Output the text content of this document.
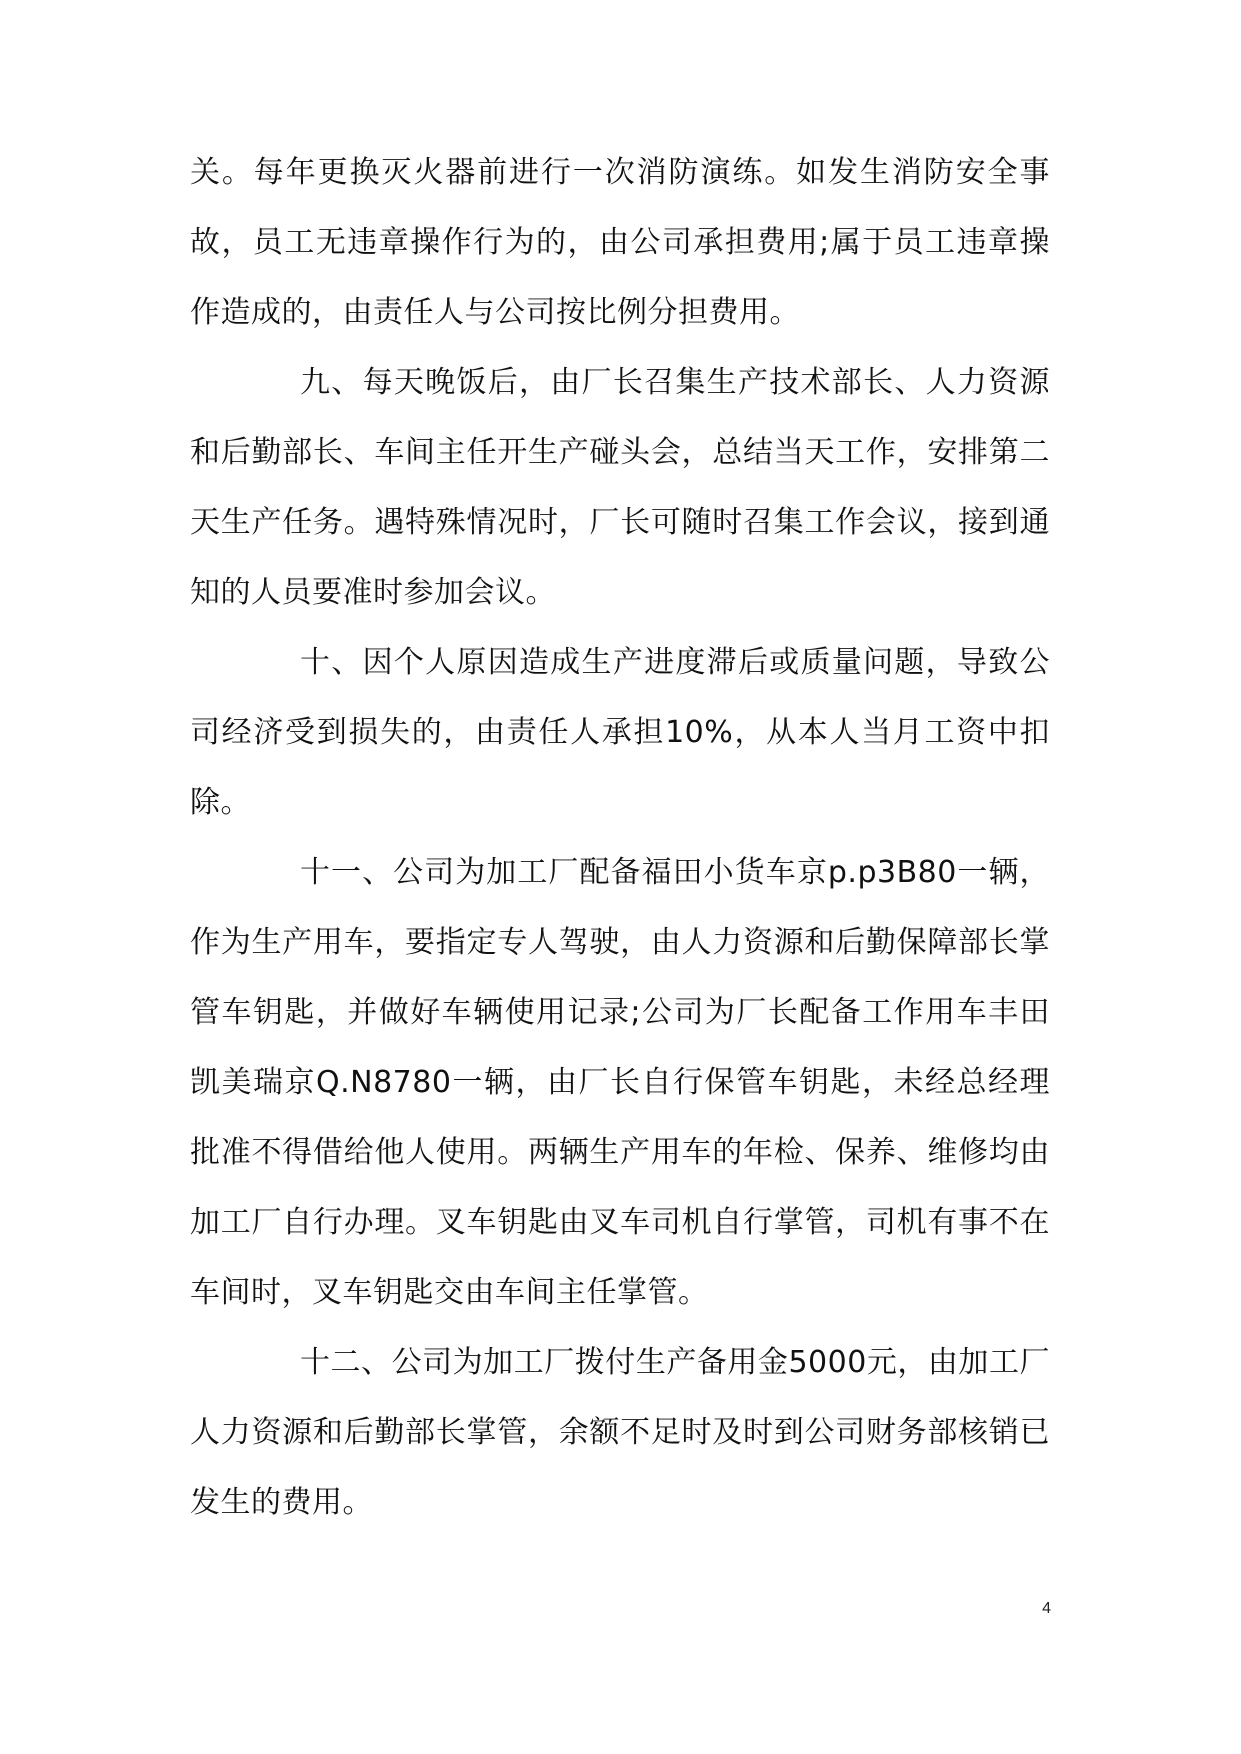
关。每年更换灭火器前进行一次消防演练。如发生消防安全事故，员工无违章操作行为的，由公司承担费用;属于员工违章操作造成的，由责任人与公司按比例分担费用。

九、每天晚饭后，由厂长召集生产技术部长、人力资源和后勤部长、车间主任开生产碰头会，总结当天工作，安排第二天生产任务。遇特殊情况时，厂长可随时召集工作会议，接到通知的人员要准时参加会议。

十、因个人原因造成生产进度滞后或质量问题，导致公司经济受到损失的，由责任人承担10%，从本人当月工资中扣除。

十一、公司为加工厂配备福田小货车京p.p3B80一辆，作为生产用车，要指定专人驾驶，由人力资源和后勤保障部长掌管车钥匙，并做好车辆使用记录;公司为厂长配备工作用车丰田凯美瑞京Q.N8780一辆，由厂长自行保管车钥匙，未经总经理批准不得借给他人使用。两辆生产用车的年检、保养、维修均由加工厂自行办理。叉车钥匙由叉车司机自行掌管，司机有事不在车间时，叉车钥匙交由车间主任掌管。

十二、公司为加工厂拨付生产备用金5000元，由加工厂人力资源和后勤部长掌管，余额不足时及时到公司财务部核销已发生的费用。

4
